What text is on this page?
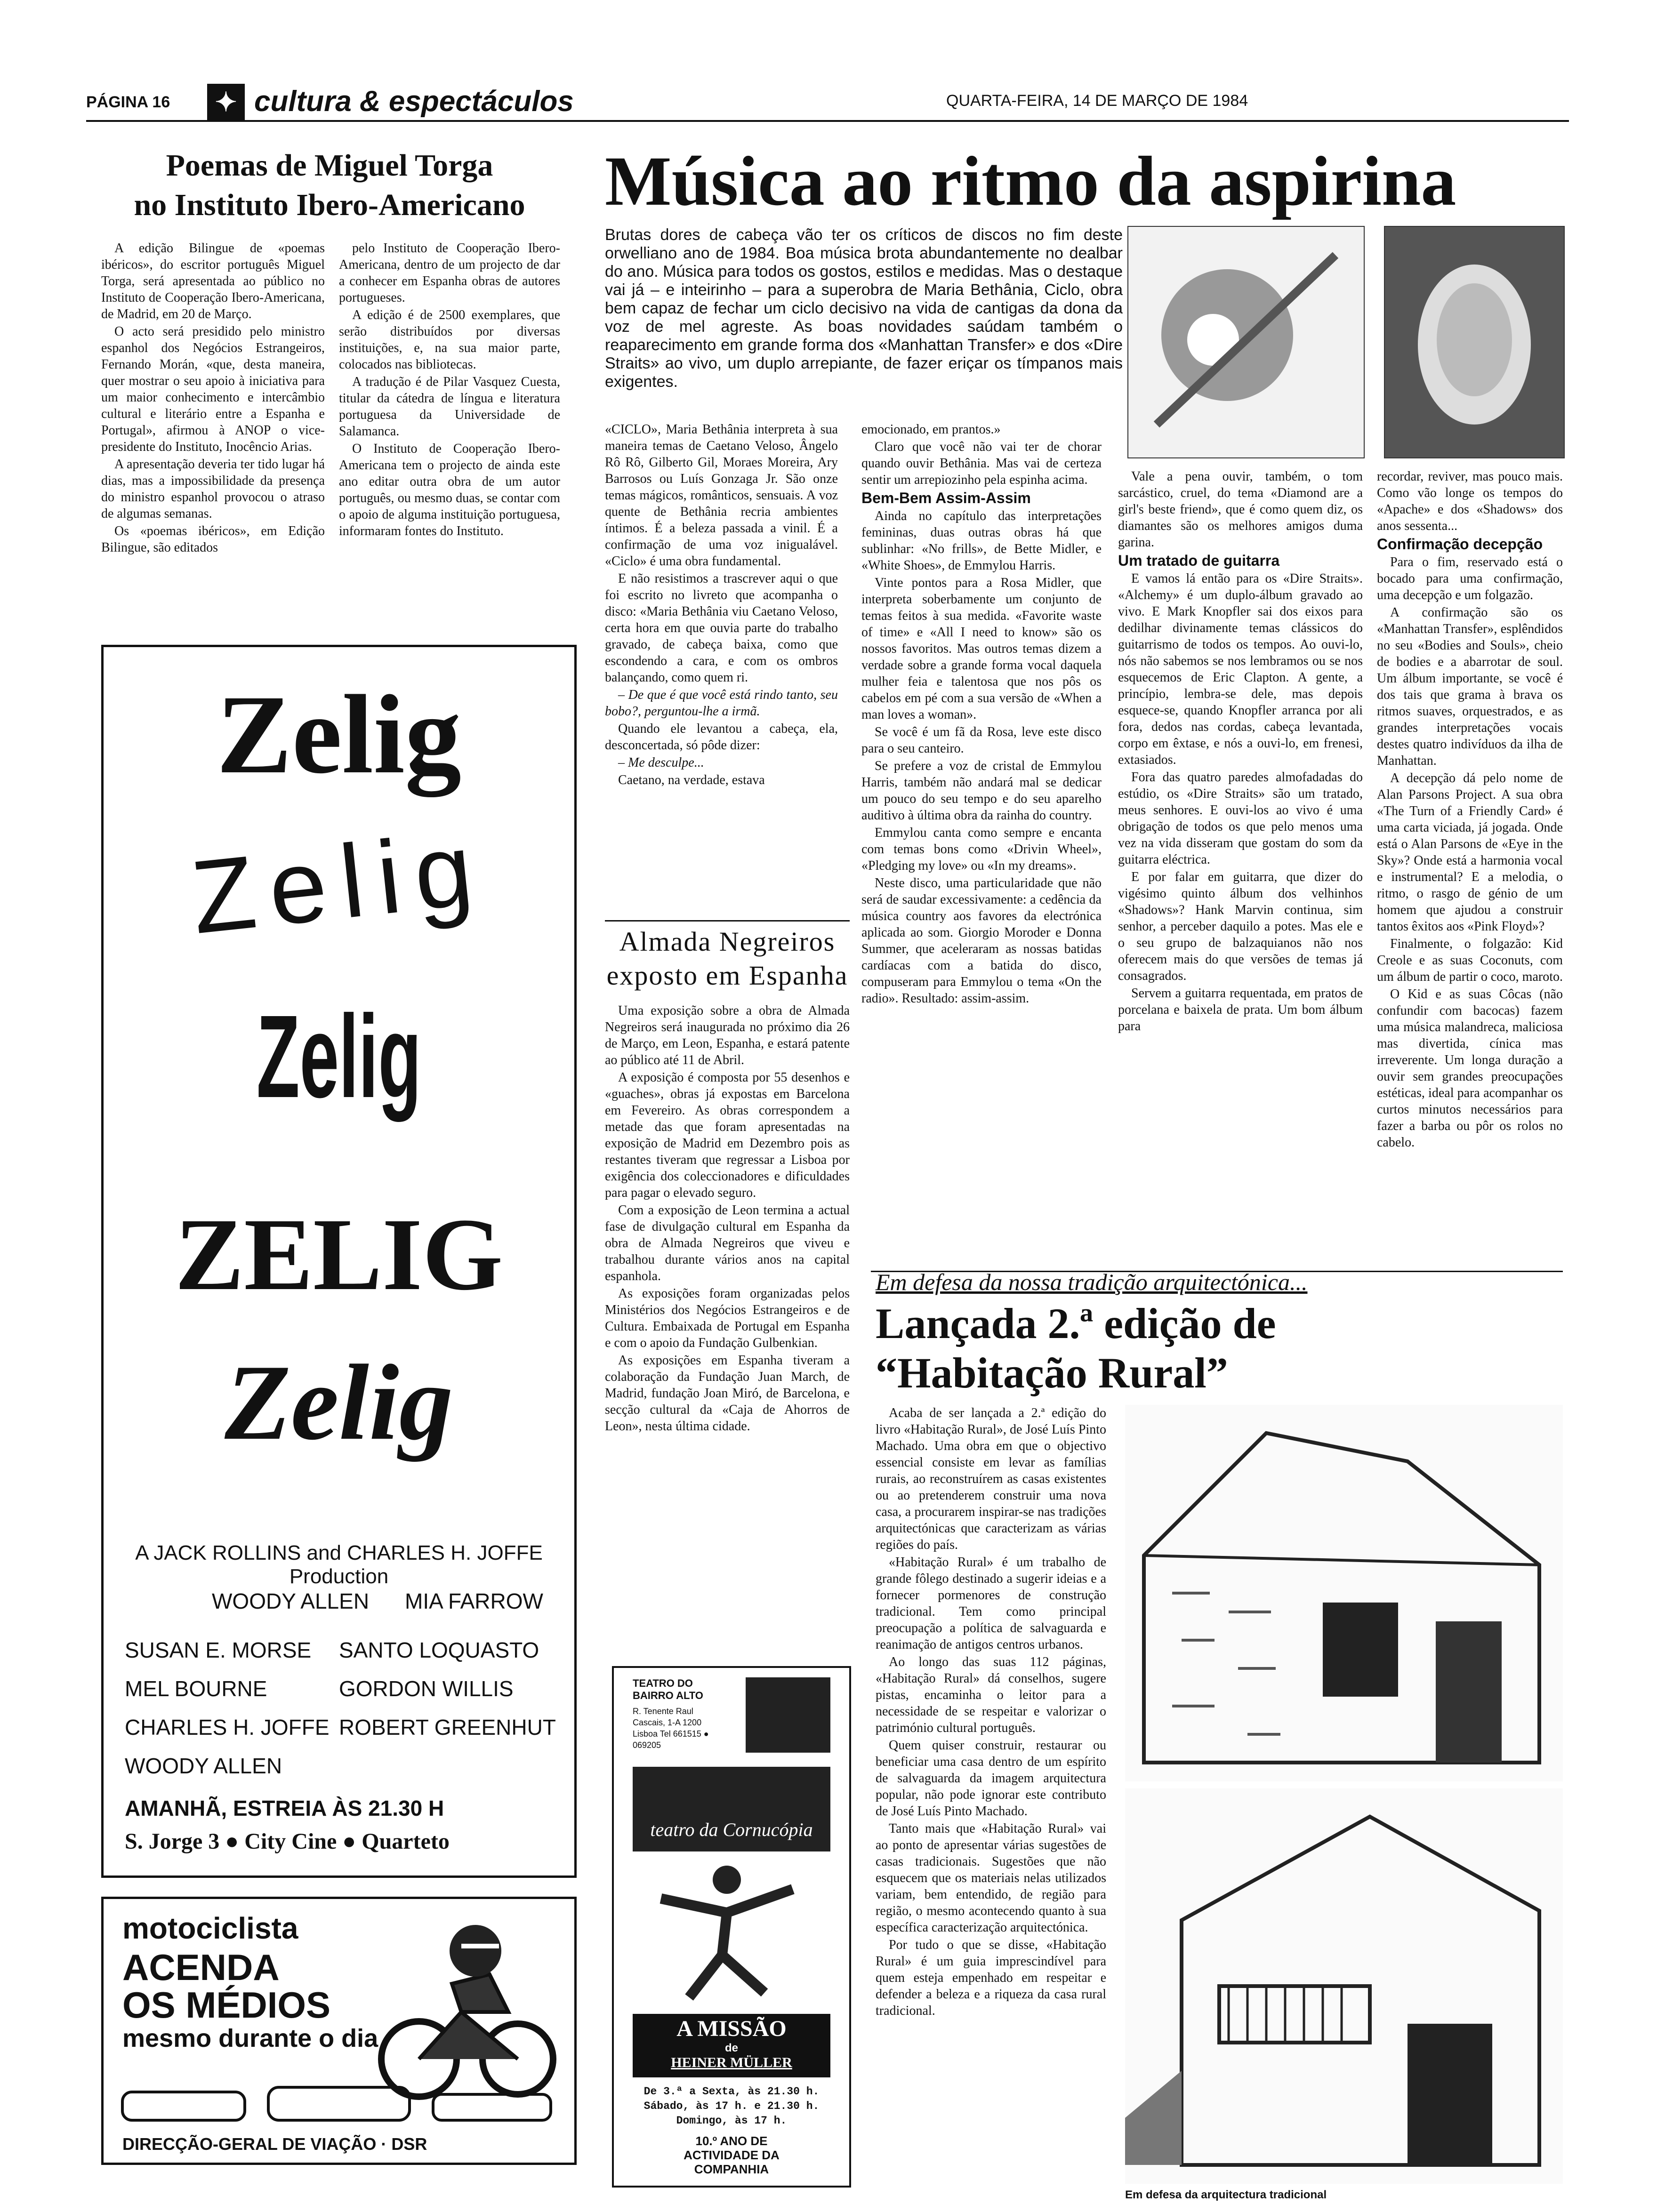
PÁGINA 16 ✦ cultura & espectáculos	QUARTA-FEIRA, 14 DE MARÇO DE 1984
Poemas de Miguel Torga
no Instituto Ibero-Americano

A edição Bilingue de «poemas ibéricos», do escritor português Miguel Torga, será apresentada ao público no Instituto de Cooperação Ibero-Americana, de Madrid, em 20 de Março.

O acto será presidido pelo ministro espanhol dos Negócios Estrangeiros, Fernando Morán, «que, desta maneira, quer mostrar o seu apoio à iniciativa para um maior conhecimento e intercâmbio cultural e literário entre a Espanha e Portugal», afirmou à ANOP o vice-presidente do Instituto, Inocêncio Arias.

A apresentação deveria ter tido lugar há dias, mas a impossibilidade da presença do ministro espanhol provocou o atraso de algumas semanas.

Os «poemas ibéricos», em Edição Bilingue, são editados

pelo Instituto de Cooperação Ibero-Americana, dentro de um projecto de dar a conhecer em Espanha obras de autores portugueses.

A edição é de 2500 exemplares, que serão distribuídos por diversas instituições, e, na sua maior parte, colocados nas bibliotecas.

A tradução é de Pilar Vasquez Cuesta, titular da cátedra de língua e literatura portuguesa da Universidade de Salamanca.

O Instituto de Cooperação Ibero-Americana tem o projecto de ainda este ano editar outra obra de um autor português, ou mesmo duas, se contar com o apoio de alguma instituição portuguesa, informaram fontes do Instituto.

Zelig
Zelig
Zelig
ZELIG
Zelig
A JACK ROLLINS and CHARLES H. JOFFE Production
WOODY ALLEN MIA FARROW
SUSAN E. MORSE
MEL BOURNE
CHARLES H. JOFFE
WOODY ALLEN
SANTO LOQUASTO
GORDON WILLIS
ROBERT GREENHUT
AMANHÃ, ESTREIA ÀS 21.30 H
S. Jorge 3 ● City Cine ● Quarteto
motociclista
ACENDA
OS MÉDIOS
mesmo durante o dia
DIRECÇÃO-GERAL DE VIAÇÃO · DSR
Música ao ritmo da aspirina

Brutas dores de cabeça vão ter os críticos de discos no fim deste orwelliano ano de 1984. Boa música brota abundantemente no dealbar do ano. Música para todos os gostos, estilos e medidas. Mas o destaque vai já – e inteirinho – para a superobra de Maria Bethânia, Ciclo, obra bem capaz de fechar um ciclo decisivo na vida de cantigas da dona da voz de mel agreste. As boas novidades saúdam também o reaparecimento em grande forma dos «Manhattan Transfer» e dos «Dire Straits» ao vivo, um duplo arrepiante, de fazer eriçar os tímpanos mais exigentes.

«CICLO», Maria Bethânia interpreta à sua maneira temas de Caetano Veloso, Ângelo Rô Rô, Gilberto Gil, Moraes Moreira, Ary Barrosos ou Luís Gonzaga Jr. São onze temas mágicos, românticos, sensuais. A voz quente de Bethânia recria ambientes íntimos. É a beleza passada a vinil. É a confirmação de uma voz inigualável. «Ciclo» é uma obra fundamental.

E não resistimos a trascrever aqui o que foi escrito no livreto que acompanha o disco: «Maria Bethânia viu Caetano Veloso, certa hora em que ouvia parte do trabalho gravado, de cabeça baixa, como que escondendo a cara, e com os ombros balançando, como quem ri.

– De que é que você está rindo tanto, seu bobo?, perguntou-lhe a irmã.

Quando ele levantou a cabeça, ela, desconcertada, só pôde dizer:

– Me desculpe...

Caetano, na verdade, estava

emocionado, em prantos.»

Claro que você não vai ter de chorar quando ouvir Bethânia. Mas vai de certeza sentir um arrepiozinho pela espinha acima.

Bem-Bem Assim-Assim

Ainda no capítulo das interpretações femininas, duas outras obras há que sublinhar: «No frills», de Bette Midler, e «White Shoes», de Emmylou Harris.

Vinte pontos para a Rosa Midler, que interpreta soberbamente um conjunto de temas feitos à sua medida. «Favorite waste of time» e «All I need to know» são os nossos favoritos. Mas outros temas dizem a verdade sobre a grande forma vocal daquela mulher feia e talentosa que nos pôs os cabelos em pé com a sua versão de «When a man loves a woman».

Se você é um fã da Rosa, leve este disco para o seu canteiro.

Se prefere a voz de cristal de Emmylou Harris, também não andará mal se dedicar um pouco do seu tempo e do seu aparelho auditivo à última obra da rainha do country.

Emmylou canta como sempre e encanta com temas bons como «Drivin Wheel», «Pledging my love» ou «In my dreams».

Neste disco, uma particularidade que não será de saudar excessivamente: a cedência da música country aos favores da electrónica aplicada ao som. Giorgio Moroder e Donna Summer, que aceleraram as nossas batidas cardíacas com a batida do disco, compuseram para Emmylou o tema «On the radio». Resultado: assim-assim.

Vale a pena ouvir, também, o tom sarcástico, cruel, do tema «Diamond are a girl's beste friend», que é como quem diz, os diamantes são os melhores amigos duma garina.

Um tratado de guitarra

E vamos lá então para os «Dire Straits». «Alchemy» é um duplo-álbum gravado ao vivo. E Mark Knopfler sai dos eixos para dedilhar divinamente temas clássicos do guitarrismo de todos os tempos. Ao ouvi-lo, nós não sabemos se nos lembramos ou se nos esquecemos de Eric Clapton. A gente, a princípio, lembra-se dele, mas depois esquece-se, quando Knopfler arranca por ali fora, dedos nas cordas, cabeça levantada, corpo em êxtase, e nós a ouvi-lo, em frenesi, extasiados.

Fora das quatro paredes almofadadas do estúdio, os «Dire Straits» são um tratado, meus senhores. E ouvi-los ao vivo é uma obrigação de todos os que pelo menos uma vez na vida disseram que gostam do som da guitarra eléctrica.

E por falar em guitarra, que dizer do vigésimo quinto álbum dos velhinhos «Shadows»? Hank Marvin continua, sim senhor, a perceber daquilo a potes. Mas ele e o seu grupo de balzaquianos não nos oferecem mais do que versões de temas já consagrados.

Servem a guitarra requentada, em pratos de porcelana e baixela de prata. Um bom álbum para

recordar, reviver, mas pouco mais. Como vão longe os tempos do «Apache» e dos «Shadows» dos anos sessenta...

Confirmação decepção

Para o fim, reservado está o bocado para uma confirmação, uma decepção e um folgazão.

A confirmação são os «Manhattan Transfer», esplêndidos no seu «Bodies and Souls», cheio de bodies e a abarrotar de soul. Um álbum importante, se você é dos tais que grama à brava os ritmos suaves, orquestrados, e as grandes interpretações vocais destes quatro indivíduos da ilha de Manhattan.

A decepção dá pelo nome de Alan Parsons Project. A sua obra «The Turn of a Friendly Card» é uma carta viciada, já jogada. Onde está o Alan Parsons de «Eye in the Sky»? Onde está a harmonia vocal e instrumental? E a melodia, o ritmo, o rasgo de génio de um homem que ajudou a construir tantos êxitos aos «Pink Floyd»?

Finalmente, o folgazão: Kid Creole e as suas Coconuts, com um álbum de partir o coco, maroto.

O Kid e as suas Côcas (não confundir com bacocas) fazem uma música malandreca, maliciosa mas divertida, cínica mas irreverente. Um longa duração a ouvir sem grandes preocupações estéticas, ideal para acompanhar os curtos minutos necessários para fazer a barba ou pôr os rolos no cabelo.

Almada Negreiros
exposto em Espanha

Uma exposição sobre a obra de Almada Negreiros será inaugurada no próximo dia 26 de Março, em Leon, Espanha, e estará patente ao público até 11 de Abril.

A exposição é composta por 55 desenhos e «guaches», obras já expostas em Barcelona em Fevereiro. As obras correspondem a metade das que foram apresentadas na exposição de Madrid em Dezembro pois as restantes tiveram que regressar a Lisboa por exigência dos coleccionadores e dificuldades para pagar o elevado seguro.

Com a exposição de Leon termina a actual fase de divulgação cultural em Espanha da obra de Almada Negreiros que viveu e trabalhou durante vários anos na capital espanhola.

As exposições foram organizadas pelos Ministérios dos Negócios Estrangeiros e de Cultura. Embaixada de Portugal em Espanha e com o apoio da Fundação Gulbenkian.

As exposições em Espanha tiveram a colaboração da Fundação Juan March, de Madrid, fundação Joan Miró, de Barcelona, e secção cultural da «Caja de Ahorros de Leon», nesta última cidade.

TEATRO DO BAIRRO ALTO
R. Tenente Raul Cascais, 1-A 1200 Lisboa Tel 661515 ● 069205
teatro da Cornucópia
A MISSÃO
de
HEINER MÜLLER
De 3.ª a Sexta, às 21.30 h.
Sábado, às 17 h. e 21.30 h.
Domingo, às 17 h.
10.º ANO DE ACTIVIDADE DA COMPANHIA
Em defesa da nossa tradição arquitectónica...
Lançada 2.ª edição de
“Habitação Rural”

Acaba de ser lançada a 2.ª edição do livro «Habitação Rural», de José Luís Pinto Machado. Uma obra em que o objectivo essencial consiste em levar as famílias rurais, ao reconstruírem as casas existentes ou ao pretenderem construir uma nova casa, a procurarem inspirar-se nas tradições arquitectónicas que caracterizam as várias regiões do país.

«Habitação Rural» é um trabalho de grande fôlego destinado a sugerir ideias e a fornecer pormenores de construção tradicional. Tem como principal preocupação a política de salvaguarda e reanimação de antigos centros urbanos.

Ao longo das suas 112 páginas, «Habitação Rural» dá conselhos, sugere pistas, encaminha o leitor para a necessidade de se respeitar e valorizar o património cultural português.

Quem quiser construir, restaurar ou beneficiar uma casa dentro de um espírito de salvaguarda da imagem arquitectura popular, não pode ignorar este contributo de José Luís Pinto Machado.

Tanto mais que «Habitação Rural» vai ao ponto de apresentar várias sugestões de casas tradicionais. Sugestões que não esquecem que os materiais nelas utilizados variam, bem entendido, de região para região, o mesmo acontecendo quanto à sua específica caracterização arquitectónica.

Por tudo o que se disse, «Habitação Rural» é um guia imprescindível para quem esteja empenhado em respeitar e defender a beleza e a riqueza da casa rural tradicional.

Em defesa da arquitectura tradicional
